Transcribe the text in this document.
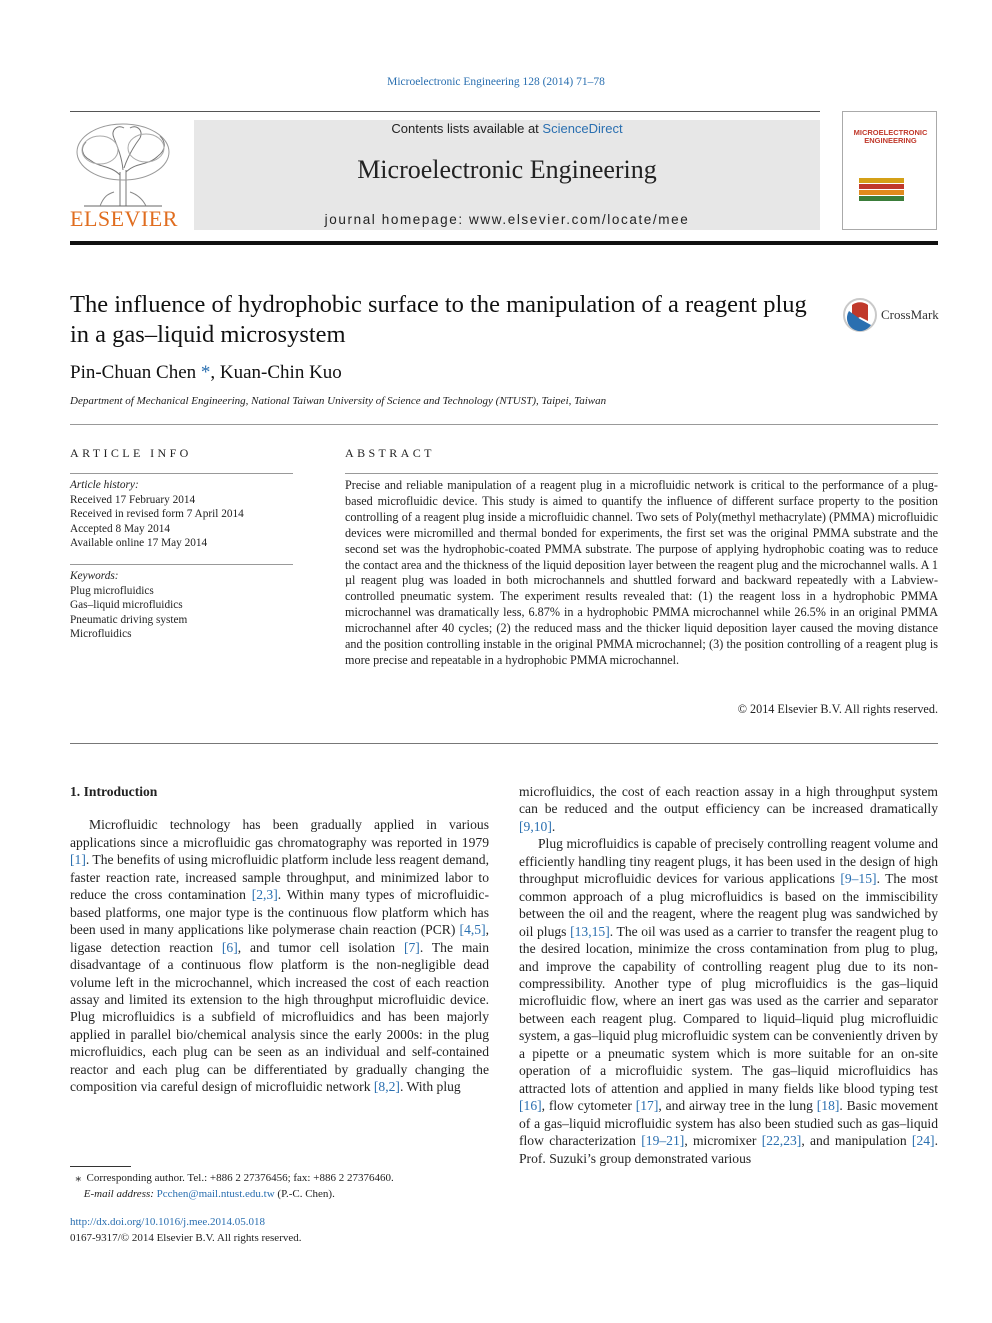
Microelectronic Engineering 128 (2014) 71–78
ELSEVIER
Contents lists available at ScienceDirect
Microelectronic Engineering
journal homepage: www.elsevier.com/locate/mee
MICROELECTRONIC ENGINEERING
The influence of hydrophobic surface to the manipulation of a reagent plug in a gas–liquid microsystem
CrossMark
Pin-Chuan Chen *, Kuan-Chin Kuo
Department of Mechanical Engineering, National Taiwan University of Science and Technology (NTUST), Taipei, Taiwan
ARTICLE INFO
Article history:
Received 17 February 2014
Received in revised form 7 April 2014
Accepted 8 May 2014
Available online 17 May 2014
Keywords:
Plug microfluidics
Gas–liquid microfluidics
Pneumatic driving system
Microfluidics
ABSTRACT
Precise and reliable manipulation of a reagent plug in a microfluidic network is critical to the performance of a plug-based microfluidic device. This study is aimed to quantify the influence of different surface property to the position controlling of a reagent plug inside a microfluidic channel. Two sets of Poly(methyl methacrylate) (PMMA) microfluidic devices were micromilled and thermal bonded for experiments, the first set was the original PMMA substrate and the second set was the hydrophobic-coated PMMA substrate. The purpose of applying hydrophobic coating was to reduce the contact area and the thickness of the liquid deposition layer between the reagent plug and the microchannel walls. A 1 µl reagent plug was loaded in both microchannels and shuttled forward and backward repeatedly with a Labview-controlled pneumatic system. The experiment results revealed that: (1) the reagent loss in a hydrophobic PMMA microchannel was dramatically less, 6.87% in a hydrophobic PMMA microchannel while 26.5% in an original PMMA microchannel after 40 cycles; (2) the reduced mass and the thicker liquid deposition layer caused the moving distance and the position controlling instable in the original PMMA microchannel; (3) the position controlling of a reagent plug is more precise and repeatable in a hydrophobic PMMA microchannel.
© 2014 Elsevier B.V. All rights reserved.
1. Introduction

Microfluidic technology has been gradually applied in various applications since a microfluidic gas chromatography was reported in 1979 [1]. The benefits of using microfluidic platform include less reagent demand, faster reaction rate, increased sample throughput, and minimized labor to reduce the cross contamination [2,3]. Within many types of microfluidic-based platforms, one major type is the continuous flow platform which has been used in many applications like polymerase chain reaction (PCR) [4,5], ligase detection reaction [6], and tumor cell isolation [7]. The main disadvantage of a continuous flow platform is the non-negligible dead volume left in the microchannel, which increased the cost of each reaction assay and limited its extension to the high throughput microfluidic device. Plug microfluidics is a subfield of microfluidics and has been majorly applied in parallel bio/chemical analysis since the early 2000s: in the plug microfluidics, each plug can be seen as an individual and self-contained reactor and each plug can be differentiated by gradually changing the composition via careful design of microfluidic network [8,2]. With plug

microfluidics, the cost of each reaction assay in a high throughput system can be reduced and the output efficiency can be increased dramatically [9,10].

Plug microfluidics is capable of precisely controlling reagent volume and efficiently handling tiny reagent plugs, it has been used in the design of high throughput microfluidic devices for various applications [9–15]. The most common approach of a plug microfluidics is based on the immiscibility between the oil and the reagent, where the reagent plug was sandwiched by oil plugs [13,15]. The oil was used as a carrier to transfer the reagent plug to the desired location, minimize the cross contamination from plug to plug, and improve the capability of controlling reagent plug due to its non-compressibility. Another type of plug microfluidics is the gas–liquid microfluidic flow, where an inert gas was used as the carrier and separator between each reagent plug. Compared to liquid–liquid plug microfluidic system, a gas–liquid plug microfluidic system can be conveniently driven by a pipette or a pneumatic system which is more suitable for an on-site operation of a microfluidic system. The gas–liquid microfluidics has attracted lots of attention and applied in many fields like blood typing test [16], flow cytometer [17], and airway tree in the lung [18]. Basic movement of a gas–liquid microfluidic system has also been studied such as gas–liquid flow characterization [19–21], micromixer [22,23], and manipulation [24]. Prof. Suzuki’s group demonstrated various

⁎ Corresponding author. Tel.: +886 2 27376456; fax: +886 2 27376460.
E-mail address: Pcchen@mail.ntust.edu.tw (P.-C. Chen).
http://dx.doi.org/10.1016/j.mee.2014.05.018
0167-9317/© 2014 Elsevier B.V. All rights reserved.
